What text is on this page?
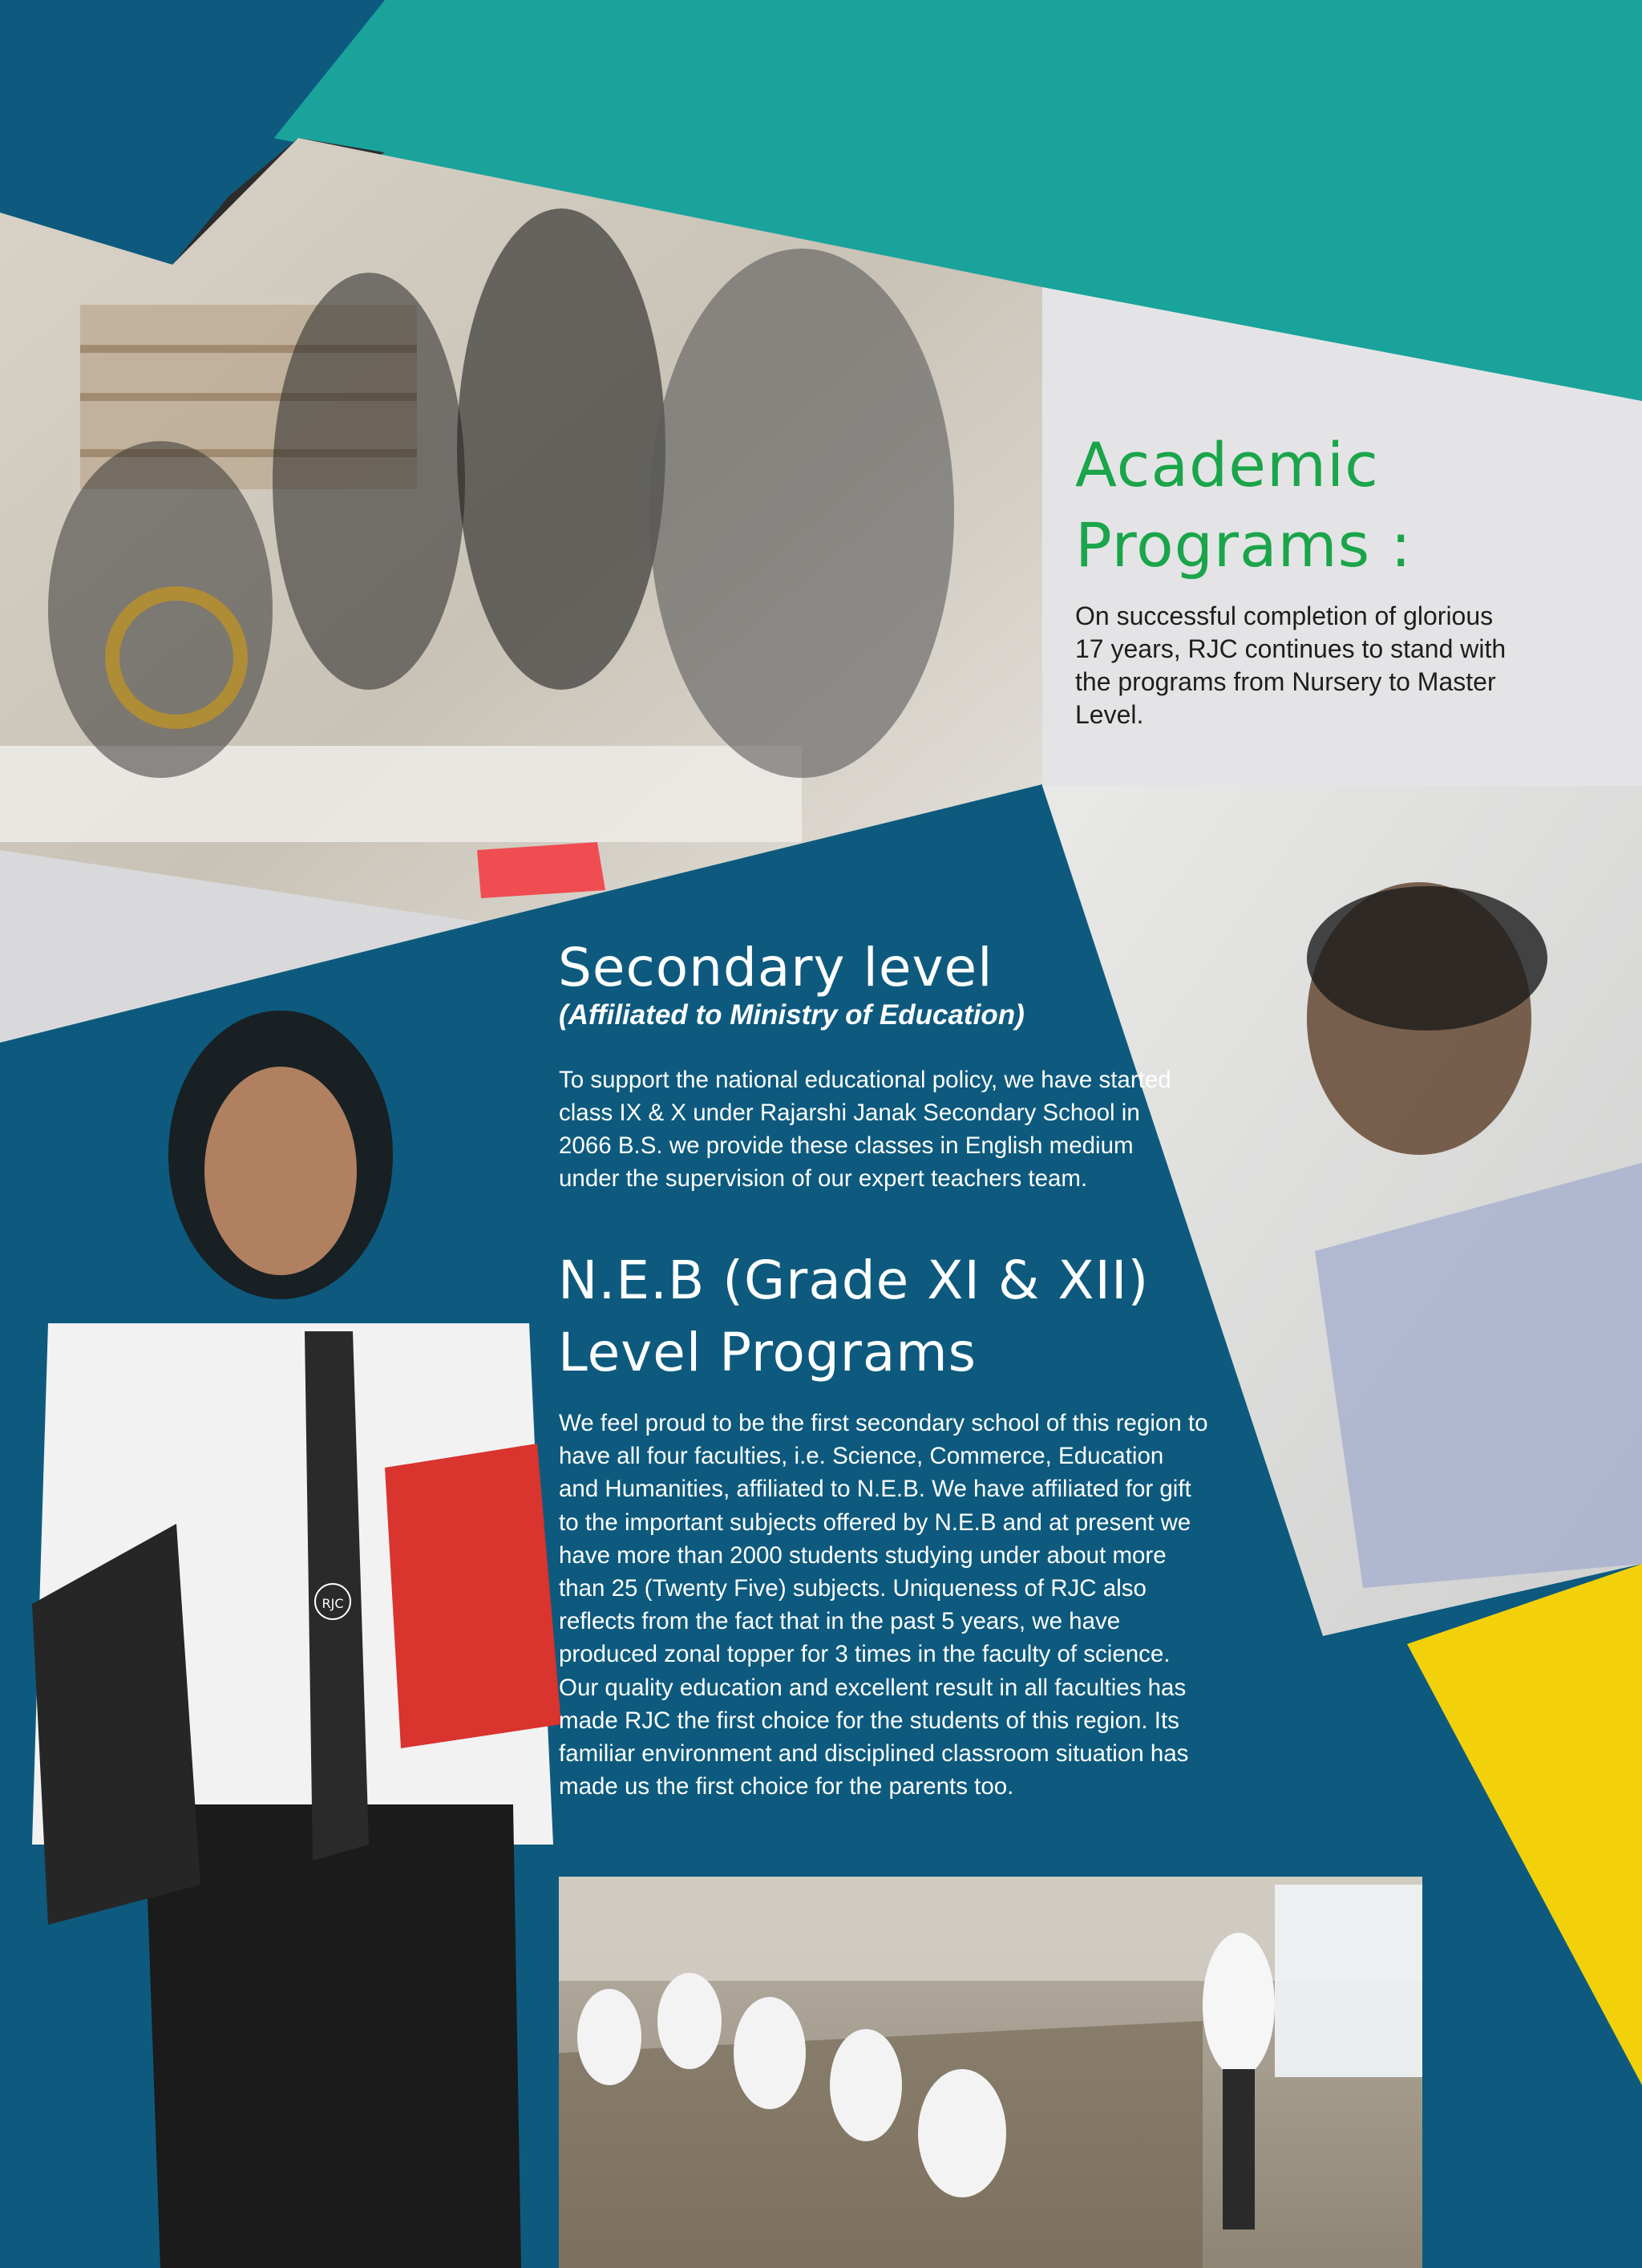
RJC
Academic
Programs :

On successful completion of glorious 17 years, RJC continues to stand with the programs from Nursery to Master Level.

Secondary level

(Affiliated to Ministry of Education)

To support the national educational policy, we have started class IX & X under Rajarshi Janak Secondary School in 2066 B.S. we provide these classes in English medium under the supervision of our expert teachers team.

N.E.B (Grade XI & XII)
Level Programs

We feel proud to be the first secondary school of this region to have all four faculties, i.e. Science, Commerce, Education and Humanities, affiliated to N.E.B. We have affiliated for gift to the important subjects offered by N.E.B and at present we have more than 2000 students studying under about more than 25 (Twenty Five) subjects. Uniqueness of RJC also reflects from the fact that in the past 5 years, we have produced zonal topper for 3 times in the faculty of science. Our quality education and excellent result in all faculties has made RJC the first choice for the students of this region. Its familiar environment and disciplined classroom situation has made us the first choice for the parents too.
